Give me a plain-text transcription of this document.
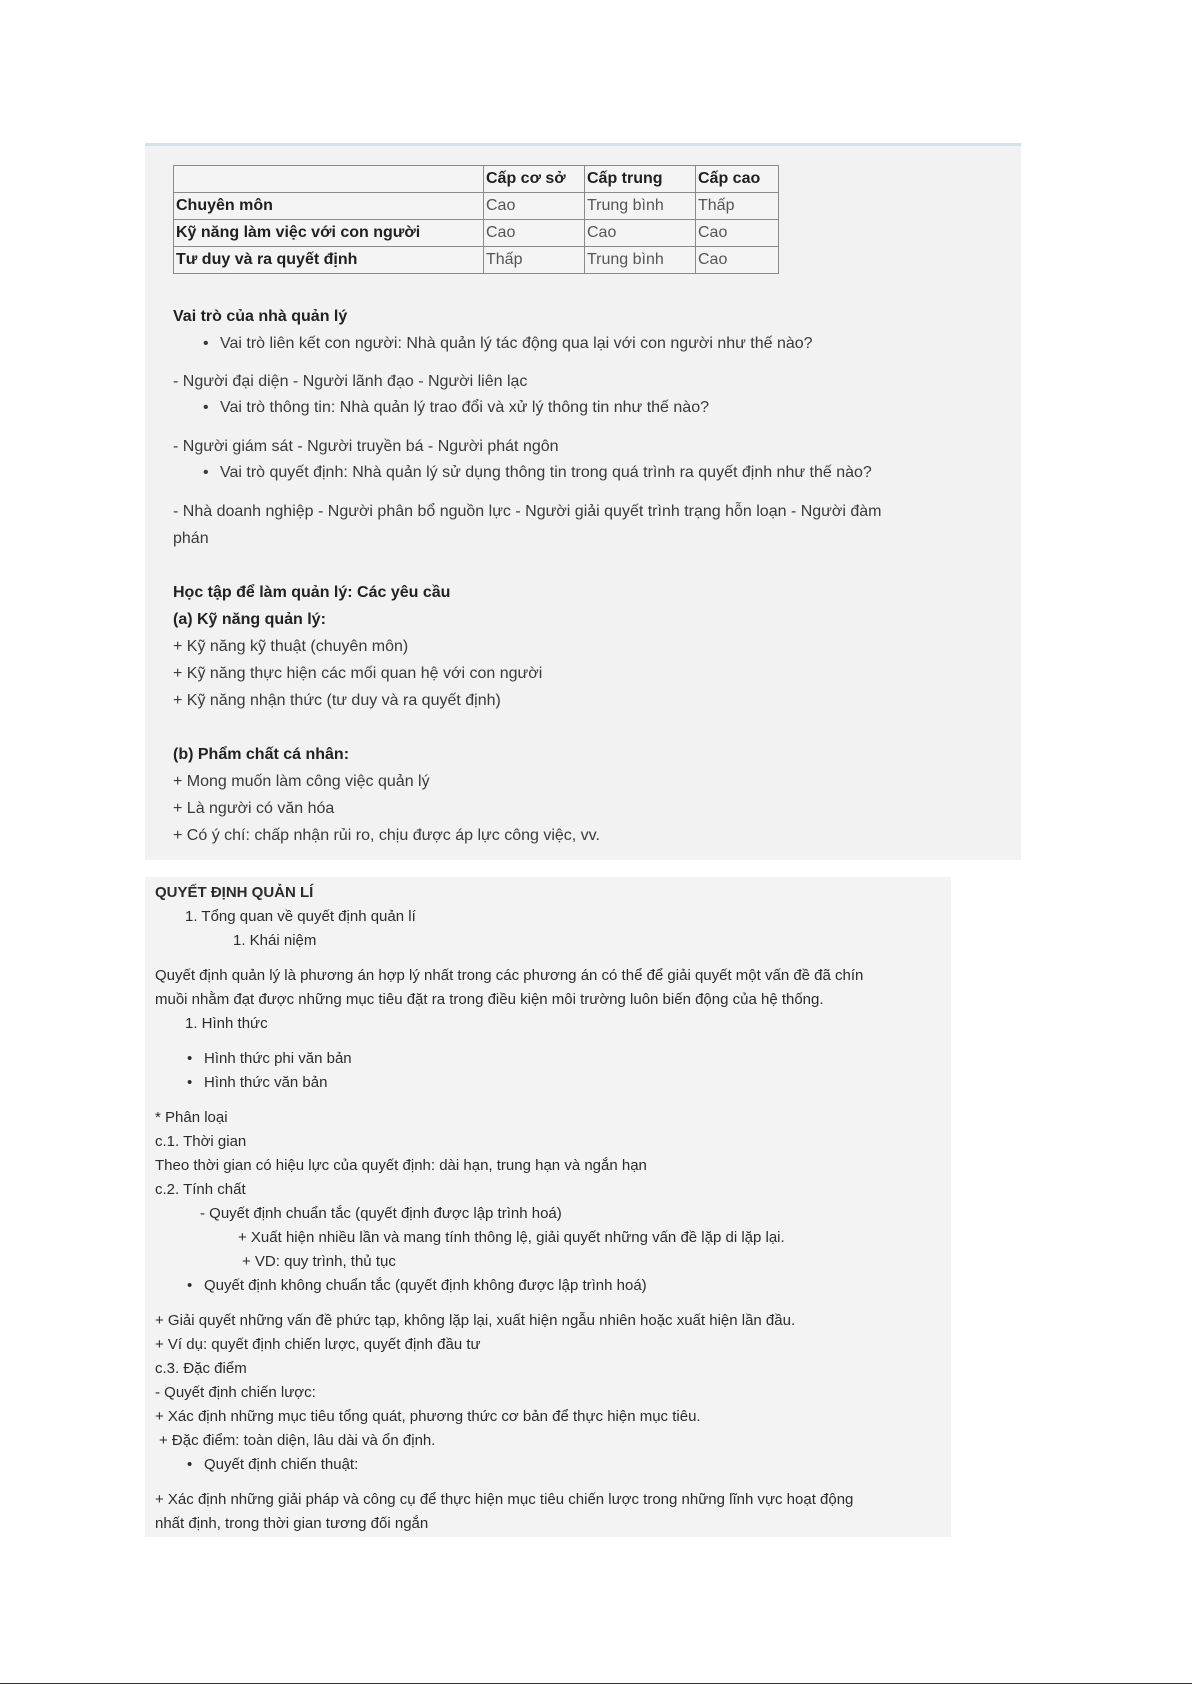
	Cấp cơ sở	Cấp trung	Cấp cao
Chuyên môn	Cao	Trung bình	Thấp
Kỹ năng làm việc với con người	Cao	Cao	Cao
Tư duy và ra quyết định	Thấp	Trung bình	Cao
Vai trò của nhà quản lý
• Vai trò liên kết con người: Nhà quản lý tác động qua lại với con người như thế nào?
- Người đại diện - Người lãnh đạo - Người liên lạc
• Vai trò thông tin: Nhà quản lý trao đổi và xử lý thông tin như thế nào?
- Người giám sát - Người truyền bá - Người phát ngôn
• Vai trò quyết định: Nhà quản lý sử dụng thông tin trong quá trình ra quyết định như thế nào?
- Nhà doanh nghiệp - Người phân bổ nguồn lực - Người giải quyết trình trạng hỗn loạn - Người đàm
phán
Học tập để làm quản lý: Các yêu cầu
(a) Kỹ năng quản lý:
+ Kỹ năng kỹ thuật (chuyên môn)
+ Kỹ năng thực hiện các mối quan hệ với con người
+ Kỹ năng nhận thức (tư duy và ra quyết định)
(b) Phẩm chất cá nhân:
+ Mong muốn làm công việc quản lý
+ Là người có văn hóa
+ Có ý chí: chấp nhận rủi ro, chịu được áp lực công việc, vv.
QUYẾT ĐỊNH QUẢN LÍ
1. Tổng quan về quyết định quản lí
1. Khái niệm
Quyết định quản lý là phương án hợp lý nhất trong các phương án có thể để giải quyết một vấn đề đã chín
muồi nhằm đạt được những mục tiêu đặt ra trong điều kiện môi trường luôn biến động của hệ thống.
1. Hình thức
• Hình thức phi văn bản
• Hình thức văn bản
* Phân loại
c.1. Thời gian
Theo thời gian có hiệu lực của quyết định: dài hạn, trung hạn và ngắn hạn
c.2. Tính chất
- Quyết định chuẩn tắc (quyết định được lập trình hoá)
+ Xuất hiện nhiều lần và mang tính thông lệ, giải quyết những vấn đề lặp di lặp lại.
+ VD: quy trình, thủ tục
• Quyết định không chuẩn tắc (quyết định không được lập trình hoá)
+ Giải quyết những vấn đề phức tạp, không lặp lại, xuất hiện ngẫu nhiên hoặc xuất hiện lần đầu.
+ Ví dụ: quyết định chiến lược, quyết định đầu tư
c.3. Đặc điểm
- Quyết định chiến lược:
+ Xác định những mục tiêu tổng quát, phương thức cơ bản để thực hiện mục tiêu.
+ Đặc điểm: toàn diện, lâu dài và ổn định.
• Quyết định chiến thuật:
+ Xác định những giải pháp và công cụ để thực hiện mục tiêu chiến lược trong những lĩnh vực hoạt động
nhất định, trong thời gian tương đối ngắn
